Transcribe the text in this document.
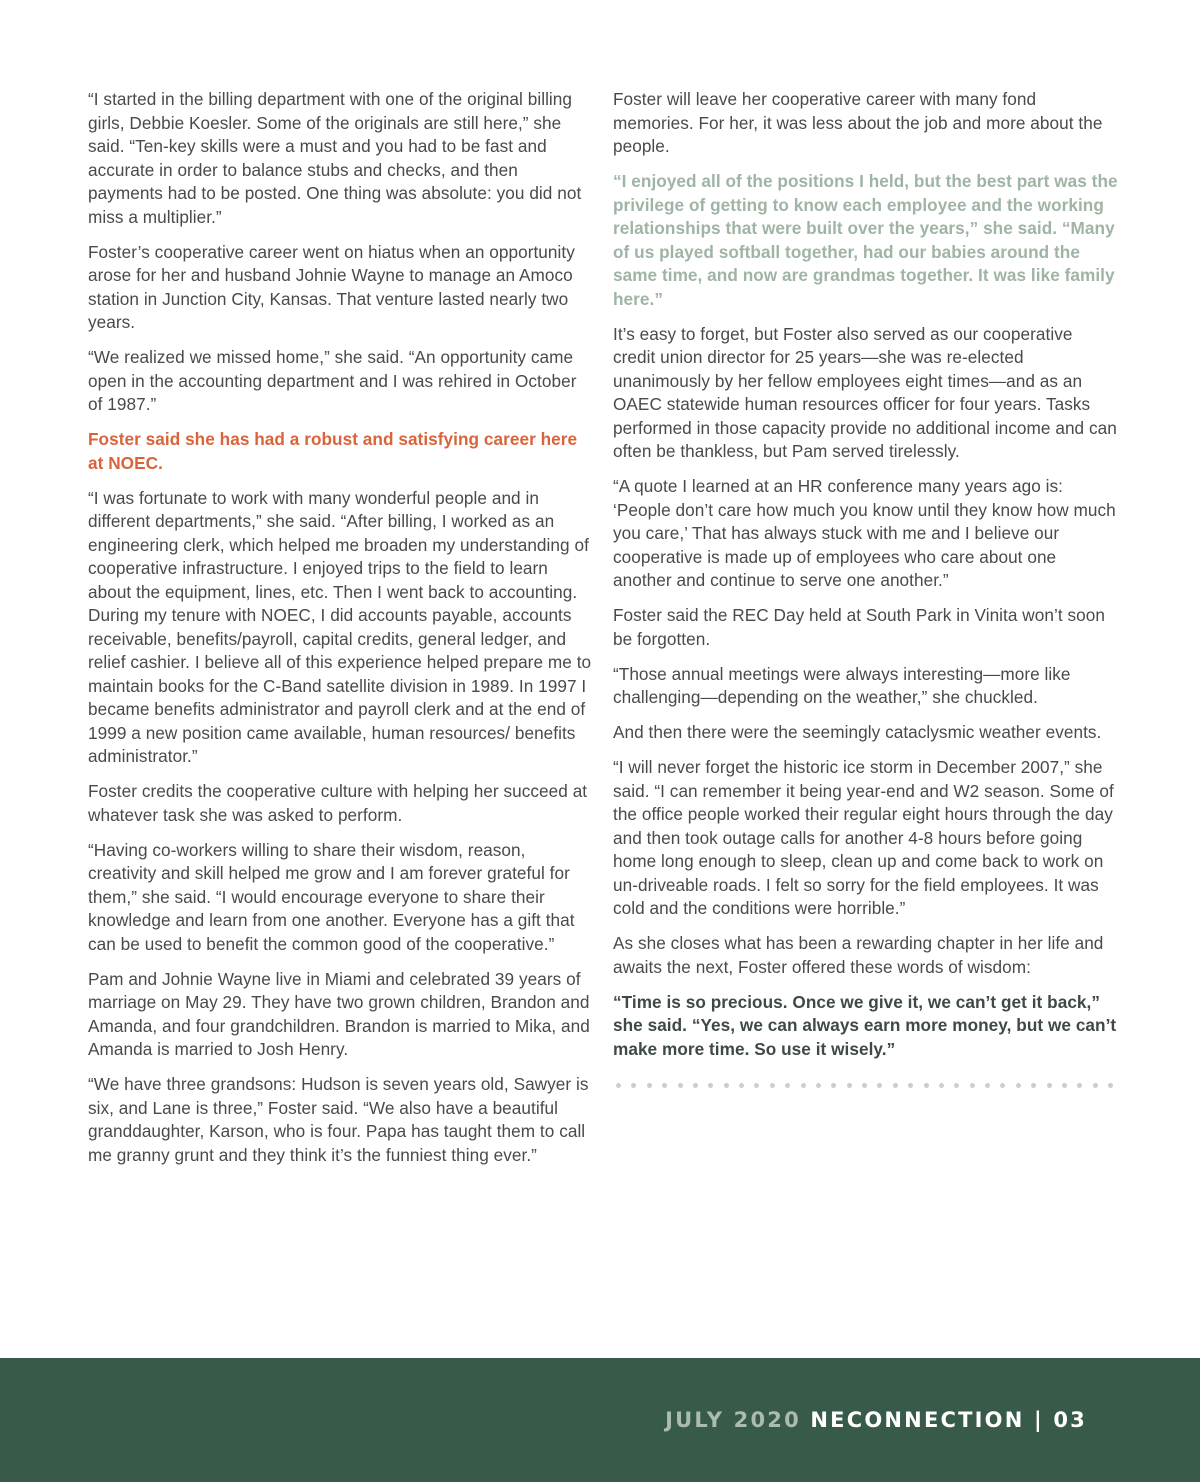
“I started in the billing department with one of the original billing girls, Debbie Koesler. Some of the originals are still here,” she said. “Ten-key skills were a must and you had to be fast and accurate in order to balance stubs and checks, and then payments had to be posted. One thing was absolute: you did not miss a multiplier.”

Foster’s cooperative career went on hiatus when an opportunity arose for her and husband Johnie Wayne to manage an Amoco station in Junction City, Kansas. That venture lasted nearly two years.

“We realized we missed home,” she said. “An opportunity came open in the accounting department and I was rehired in October of 1987.”

Foster said she has had a robust and satisfying career here at NOEC.

“I was fortunate to work with many wonderful people and in different departments,” she said. “After billing, I worked as an engineering clerk, which helped me broaden my understanding of cooperative infrastructure. I enjoyed trips to the field to learn about the equipment, lines, etc. Then I went back to accounting. During my tenure with NOEC, I did accounts payable, accounts receivable, benefits/payroll, capital credits, general ledger, and relief cashier. I believe all of this experience helped prepare me to maintain books for the C-Band satellite division in 1989. In 1997 I became benefits administrator and payroll clerk and at the end of 1999 a new position came available, human resources/ benefits administrator.”

Foster credits the cooperative culture with helping her succeed at whatever task she was asked to perform.

“Having co-workers willing to share their wisdom, reason, creativity and skill helped me grow and I am forever grateful for them,” she said. “I would encourage everyone to share their knowledge and learn from one another. Everyone has a gift that can be used to benefit the common good of the cooperative.”

Pam and Johnie Wayne live in Miami and celebrated 39 years of marriage on May 29. They have two grown children, Brandon and Amanda, and four grandchildren. Brandon is married to Mika, and Amanda is married to Josh Henry.

“We have three grandsons: Hudson is seven years old, Sawyer is six, and Lane is three,” Foster said. “We also have a beautiful granddaughter, Karson, who is four. Papa has taught them to call me granny grunt and they think it’s the funniest thing ever.”

Foster will leave her cooperative career with many fond memories. For her, it was less about the job and more about the people.

“I enjoyed all of the positions I held, but the best part was the privilege of getting to know each employee and the working relationships that were built over the years,” she said. “Many of us played softball together, had our babies around the same time, and now are grandmas together. It was like family here.”

It’s easy to forget, but Foster also served as our cooperative credit union director for 25 years—she was re-elected unanimously by her fellow employees eight times—and as an OAEC statewide human resources officer for four years. Tasks performed in those capacity provide no additional income and can often be thankless, but Pam served tirelessly.

“A quote I learned at an HR conference many years ago is: ‘People don’t care how much you know until they know how much you care,’ That has always stuck with me and I believe our cooperative is made up of employees who care about one another and continue to serve one another.”

Foster said the REC Day held at South Park in Vinita won’t soon be forgotten.

“Those annual meetings were always interesting—more like challenging—depending on the weather,” she chuckled.

And then there were the seemingly cataclysmic weather events.

“I will never forget the historic ice storm in December 2007,” she said. “I can remember it being year-end and W2 season. Some of the office people worked their regular eight hours through the day and then took outage calls for another 4-8 hours before going home long enough to sleep, clean up and come back to work on un-driveable roads. I felt so sorry for the field employees. It was cold and the conditions were horrible.”

As she closes what has been a rewarding chapter in her life and awaits the next, Foster offered these words of wisdom:

“Time is so precious. Once we give it, we can’t get it back,” she said. “Yes, we can always earn more money, but we can’t make more time. So use it wisely.”

JULY 2020 NECONNECTION | 03
